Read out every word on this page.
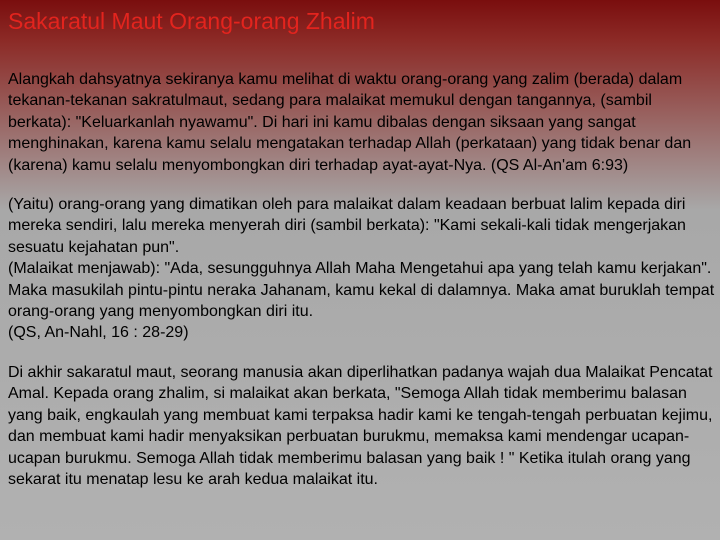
Sakaratul Maut Orang-orang Zhalim

Alangkah dahsyatnya sekiranya kamu melihat di waktu orang-orang yang zalim (berada) dalam tekanan-tekanan sakratulmaut, sedang para malaikat memukul dengan tangannya, (sambil berkata): "Keluarkanlah nyawamu". Di hari ini kamu dibalas dengan siksaan yang sangat menghinakan, karena kamu selalu mengatakan terhadap Allah (perkataan) yang tidak benar dan (karena) kamu selalu menyombongkan diri terhadap ayat-ayat-Nya. (QS Al-An'am 6:93)

(Yaitu) orang-orang yang dimatikan oleh para malaikat dalam keadaan berbuat lalim kepada diri mereka sendiri, lalu mereka menyerah diri (sambil berkata): "Kami sekali-kali tidak mengerjakan sesuatu kejahatan pun".
(Malaikat menjawab): "Ada, sesungguhnya Allah Maha Mengetahui apa yang telah kamu kerjakan". Maka masukilah pintu-pintu neraka Jahanam, kamu kekal di dalamnya. Maka amat buruklah tempat orang-orang yang menyombongkan diri itu.
(QS, An-Nahl, 16 : 28-29)

Di akhir sakaratul maut, seorang manusia akan diperlihatkan padanya wajah dua Malaikat Pencatat Amal. Kepada orang zhalim, si malaikat akan berkata, "Semoga Allah tidak memberimu balasan yang baik, engkaulah yang membuat kami terpaksa hadir kami ke tengah-tengah perbuatan kejimu, dan membuat kami hadir menyaksikan perbuatan burukmu, memaksa kami mendengar ucapan-ucapan burukmu. Semoga Allah tidak memberimu balasan yang baik ! " Ketika itulah orang yang sekarat itu menatap lesu ke arah kedua malaikat itu.
